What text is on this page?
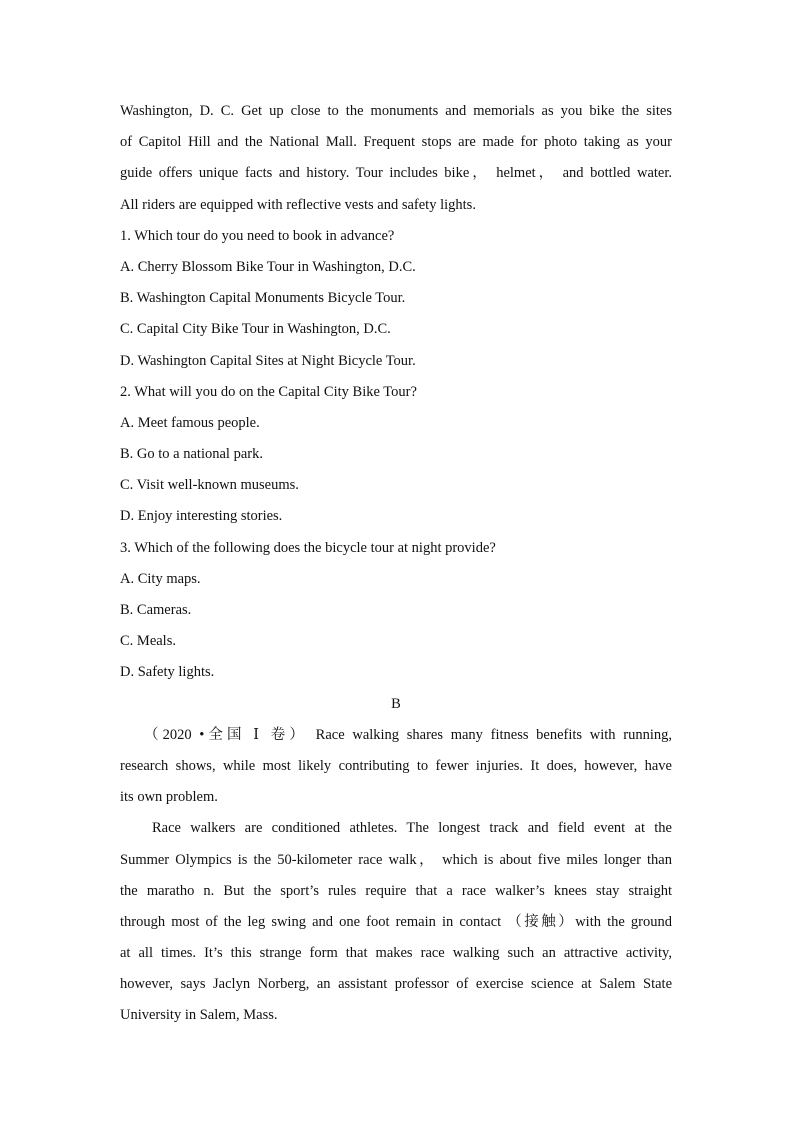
Washington, D. C. Get up close to the monuments and memorials as you bike the sites
of Capitol Hill and the National Mall. Frequent stops are made for photo taking as your
guide offers unique facts and history. Tour includes bike， helmet， and bottled water.
All riders are equipped with reflective vests and safety lights.
1. Which tour do you need to book in advance?
A. Cherry Blossom Bike Tour in Washington, D.C.
B. Washington Capital Monuments Bicycle Tour.
C. Capital City Bike Tour in Washington, D.C.
D. Washington Capital Sites at Night Bicycle Tour.
2. What will you do on the Capital City Bike Tour?
A. Meet famous people.
B. Go to a national park.
C. Visit well-known museums.
D. Enjoy interesting stories.
3. Which of the following does the bicycle tour at night provide?
A. City maps.
B. Cameras.
C. Meals.
D. Safety lights.
B
（2020 •全国 Ⅰ 卷） Race walking shares many fitness benefits with running,
research shows, while most likely contributing to fewer injuries. It does, however, have
its own problem.
Race walkers are conditioned athletes. The longest track and field event at the
Summer Olympics is the 50-kilometer race walk， which is about five miles longer than
the maratho n. But the sport’s rules require that a race walker’s knees stay straight
through most of the leg swing and one foot remain in contact （接触）with the ground
at all times. It’s this strange form that makes race walking such an attractive activity,
however, says Jaclyn Norberg, an assistant professor of exercise science at Salem State
University in Salem, Mass.
